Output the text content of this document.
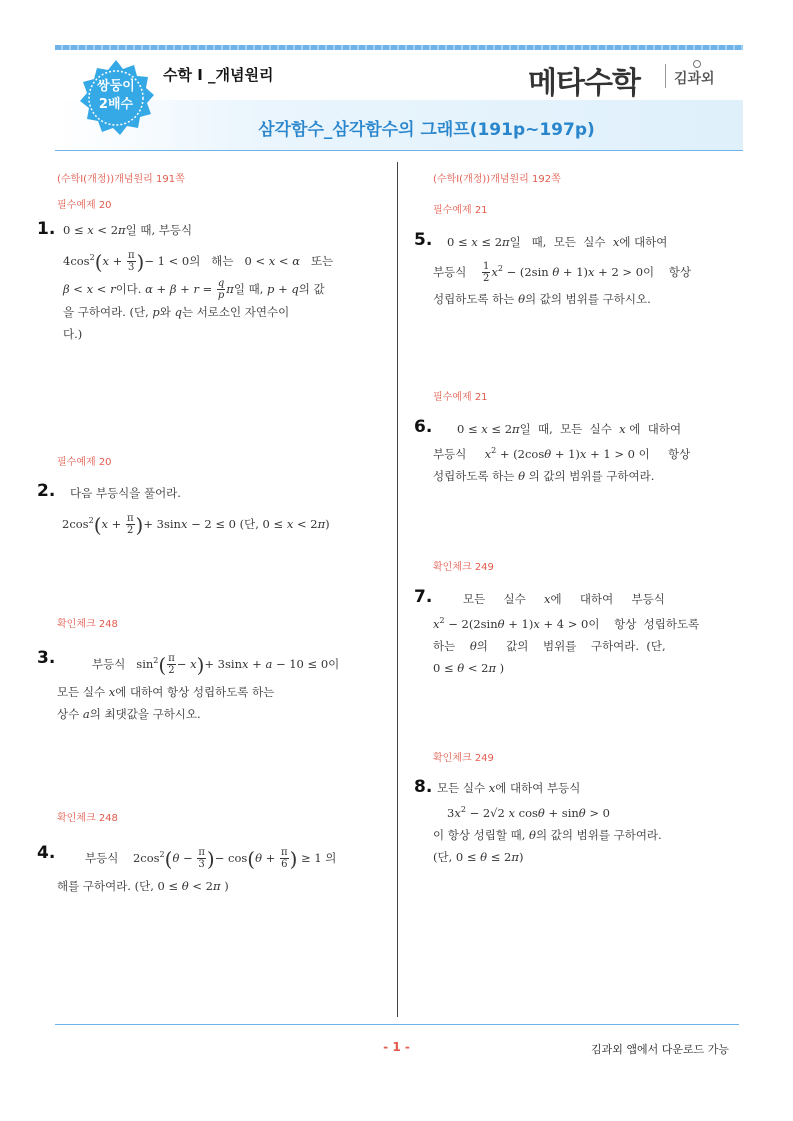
쌍둥이
2배수
수학 I _개념원리	메타수학 김과외
삼각함수_삼각함수의 그래프(191p~197p)
(수학I(개정))개념원리 191쪽
필수예제 20
1. 0 ≤ x < 2π일 때, 부등식
$4\cos^2(x + \frac{\pi}{3}$ )− 1 < 0의   해는   0 < x < α   또는
β < x < r이다. $\alpha + \beta + r = \frac{q}{p}$ π일 때, p + q의 값
을 구하여라. (단, p와 q는 서로소인 자연수이
다.)
필수예제 20
2. 다음 부등식을 풀어라.
$2\cos^2(x + \frac{\pi}{2}$ )+ 3sinx − 2 ≤ 0 (단, 0 ≤ x < 2π)
확인체크 248
3.	부등식   $\sin^2( \frac{\pi}{2} - x)+ 3\sin x + a - 10 \le 0$이
모든 실수 x에 대하여 항상 성립하도록 하는
상수 a의 최댓값을 구하시오.
확인체크 248
4.	부등식    $2\cos^2(\theta - \frac{\pi}{3}$ )− $\cos(\theta + \frac{\pi}{6}$ ) ≥ 1 의
해를 구하여라. (단, 0 ≤ θ < 2π )
(수학I(개정))개념원리 192쪽
필수예제 21
5.	0 ≤ x ≤ 2π일   때,  모든  실수  x에 대하여
부등식 $\frac{1}{2} x^2 - (2\sin$ θ + 1)x + 2 > 0이    항상
성립하도록 하는 θ의 값의 범위를 구하시오.
필수예제 21
6.	0 ≤ x ≤ 2π일  때,  모든  실수  x 에  대하여
부등식     $x^2 + (2\cos\theta + 1)x + 1 > 0$ 이     항상
성립하도록 하는 θ 의 값의 범위를 구하여라.
확인체크 249
7.	모든     실수     x에     대하여     부등식
$x^2 - 2(2\sin\theta + 1)x + 4 > 0$이    항상  성립하도록
하는    θ의     값의    범위를    구하여라.  (단,
0 ≤ θ < 2π )
확인체크 249
8. 모든 실수 x에 대하여 부등식
$3x^2 - 2√2$ x cosθ + sinθ > 0
이 항상 성립할 때, θ의 값의 범위를 구하여라.
(단, 0 ≤ θ ≤ 2π)
- 1 -	김과외 앱에서 다운로드 가능
